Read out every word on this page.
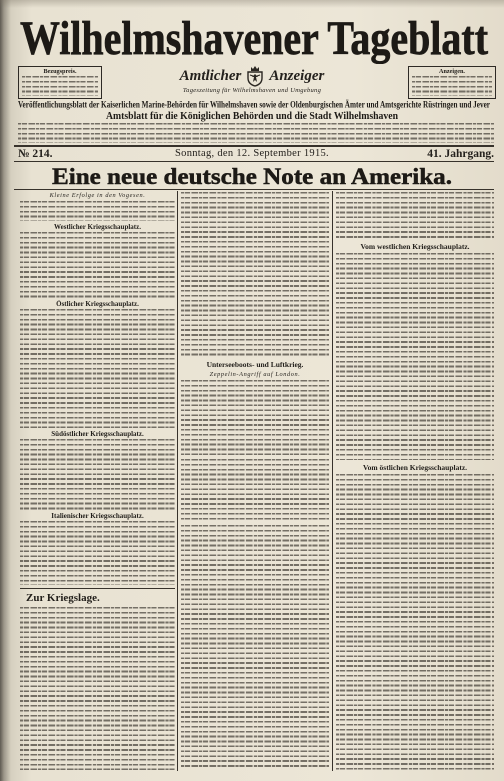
Wilhelmshavener Tageblatt
Bezugspreis.	Anzeigen.
Amtlicher Anzeiger
Tageszeitung für Wilhelmshaven und Umgebung
Veröffentlichungsblatt der Kaiserlichen Marine-Behörden für Wilhelmshaven sowie der Oldenburgischen Ämter und Amtsgerichte Rüstringen und Jever
Amtsblatt für die Königlichen Behörden und die Stadt Wilhelmshaven
№ 214.	Sonntag, den 12. September 1915.	41. Jahrgang.
Eine neue deutsche Note an Amerika.
Kleine Erfolge in den Vogesen.
Westlicher Kriegsschauplatz.
Östlicher Kriegsschauplatz.
Südöstlicher Kriegsschauplatz.
Italienischer Kriegsschauplatz.
Zur Kriegslage.
Unterseeboots- und Luftkrieg.
Zeppelin-Angriff auf London.
Vom westlichen Kriegsschauplatz.
Vom östlichen Kriegsschauplatz.
